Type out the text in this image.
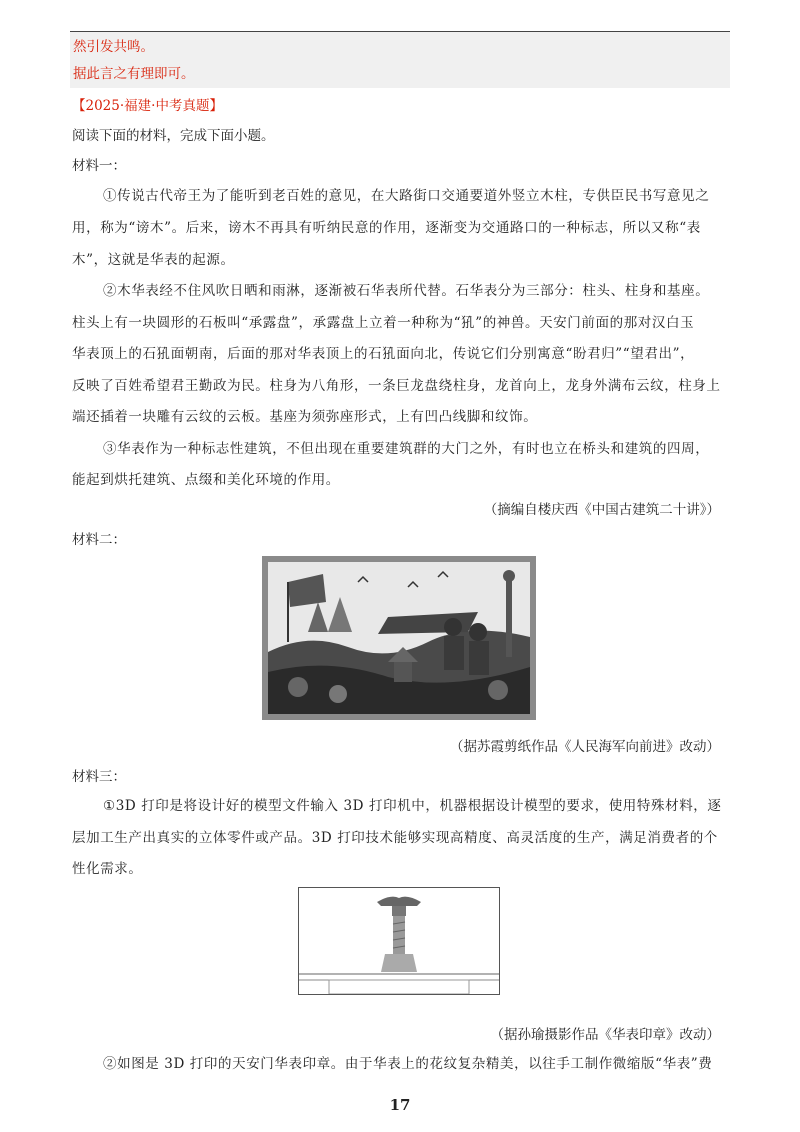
然引发共鸣。
据此言之有理即可。
【2025·福建·中考真题】
阅读下面的材料，完成下面小题。
材料一：
①传说古代帝王为了能听到老百姓的意见，在大路街口交通要道外竖立木柱，专供臣民书写意见之
用，称为“谤木”。后来，谤木不再具有听纳民意的作用，逐渐变为交通路口的一种标志，所以又称“表
木”，这就是华表的起源。
②木华表经不住风吹日晒和雨淋，逐渐被石华表所代替。石华表分为三部分：柱头、柱身和基座。
柱头上有一块圆形的石板叫“承露盘”，承露盘上立着一种称为“犼”的神兽。天安门前面的那对汉白玉
华表顶上的石犼面朝南，后面的那对华表顶上的石犼面向北，传说它们分别寓意“盼君归”“望君出”，
反映了百姓希望君王勤政为民。柱身为八角形，一条巨龙盘绕柱身，龙首向上，龙身外满布云纹，柱身上
端还插着一块雕有云纹的云板。基座为须弥座形式，上有凹凸线脚和纹饰。
③华表作为一种标志性建筑，不但出现在重要建筑群的大门之外，有时也立在桥头和建筑的四周，
能起到烘托建筑、点缀和美化环境的作用。
（摘编自楼庆西《中国古建筑二十讲》）
材料二：
（据苏霞剪纸作品《人民海军向前进》改动）
材料三：
①3D 打印是将设计好的模型文件输入 3D 打印机中，机器根据设计模型的要求，使用特殊材料，逐
层加工生产出真实的立体零件或产品。3D 打印技术能够实现高精度、高灵活度的生产，满足消费者的个
性化需求。
（据孙瑜摄影作品《华表印章》改动）
②如图是 3D 打印的天安门华表印章。由于华表上的花纹复杂精美，以往手工制作微缩版“华表”费
17
